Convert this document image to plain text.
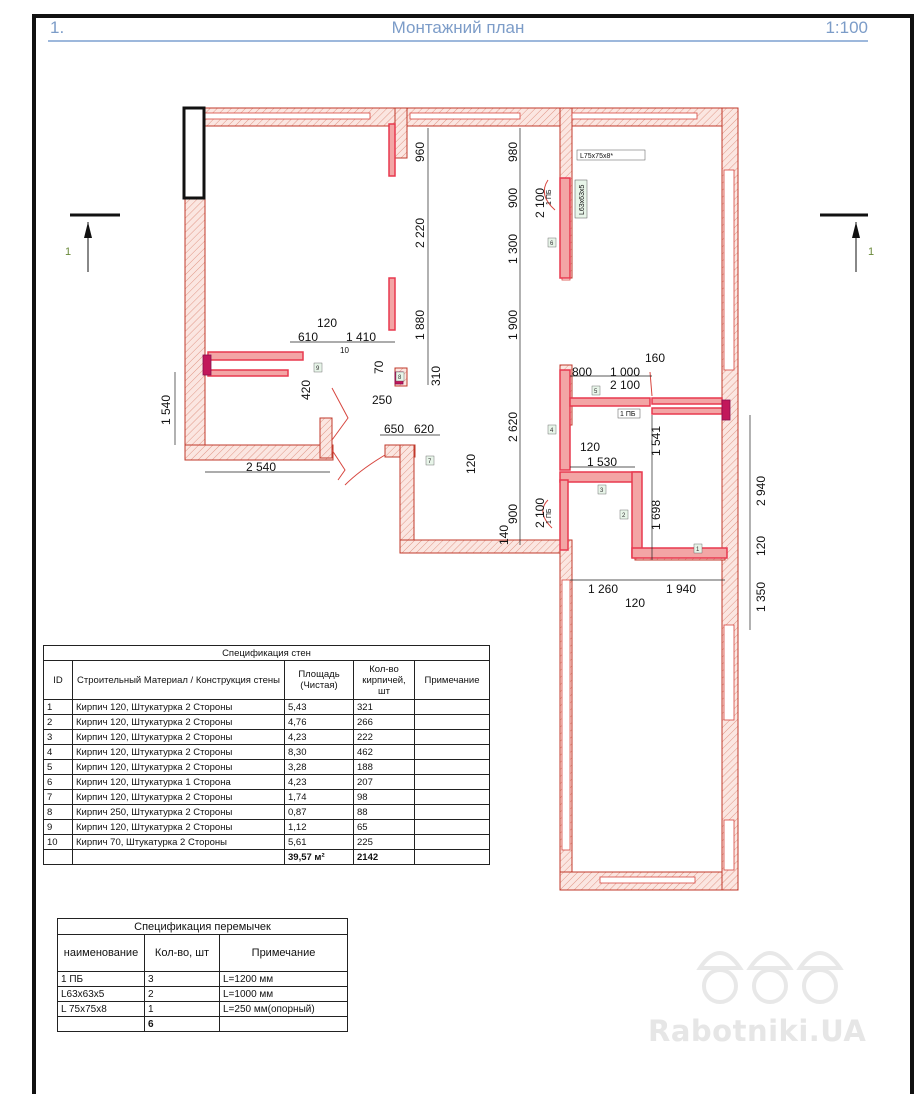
1.	Монтажний план	1:100
1	1
610
120
1 410
10
70
420	250
1 540
2 540
650 620
120
960
2 220
1 880
310
980
900 2 100
1 300
1 900
2 620
900 2 100
140
800 1 000
160
2 100
1 541
120
1 530
1 698
2 940
120
1 260	1 940
120	1 350
L75x75x8*
L63x63x5
1 ПБ
1 ПБ
1 ПБ
1
2
3
4
5
6
7
8
9
Спецификация стен				
ID	Строительный Материал / Конструкция стены	Площадь (Чистая)	Кол-во кирпичей, шт	Примечание
1	Кирпич 120, Штукатурка 2 Стороны	5,43	321	
2	Кирпич 120, Штукатурка 2 Стороны	4,76	266	
3	Кирпич 120, Штукатурка 2 Стороны	4,23	222	
4	Кирпич 120, Штукатурка 2 Стороны	8,30	462	
5	Кирпич 120, Штукатурка 2 Стороны	3,28	188	
6	Кирпич 120, Штукатурка 1 Сторона	4,23	207	
7	Кирпич 120, Штукатурка 2 Стороны	1,74	98	
8	Кирпич 250, Штукатурка 2 Стороны	0,87	88	
9	Кирпич 120, Штукатурка 2 Стороны	1,12	65	
10	Кирпич 70, Штукатурка 2 Стороны	5,61	225	
		39,57 м²	2142	
Спецификация перемычек		
наименование	Кол-во, шт	Примечание
1 ПБ	3	L=1200 мм
L63x63x5	2	L=1000 мм
L 75x75x8	1	L=250 мм(опорный)
	6		Rabotniki.UA
